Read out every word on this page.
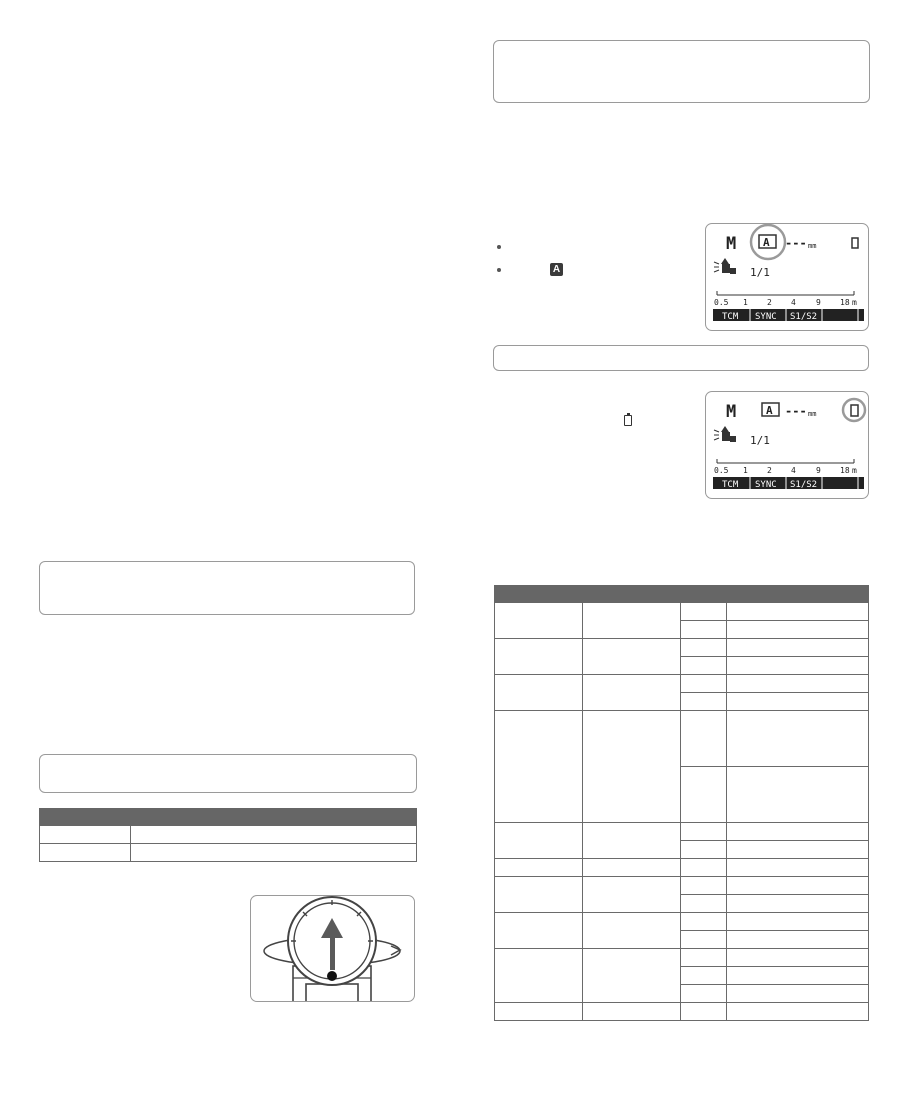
A
M A --- mm
1/1
0.5 1 2 4	9 18 m
TCM SYNC S1/S2
M	A --- mm
1/1
0.5 1 2 4	9 18 m
TCM SYNC S1/S2
